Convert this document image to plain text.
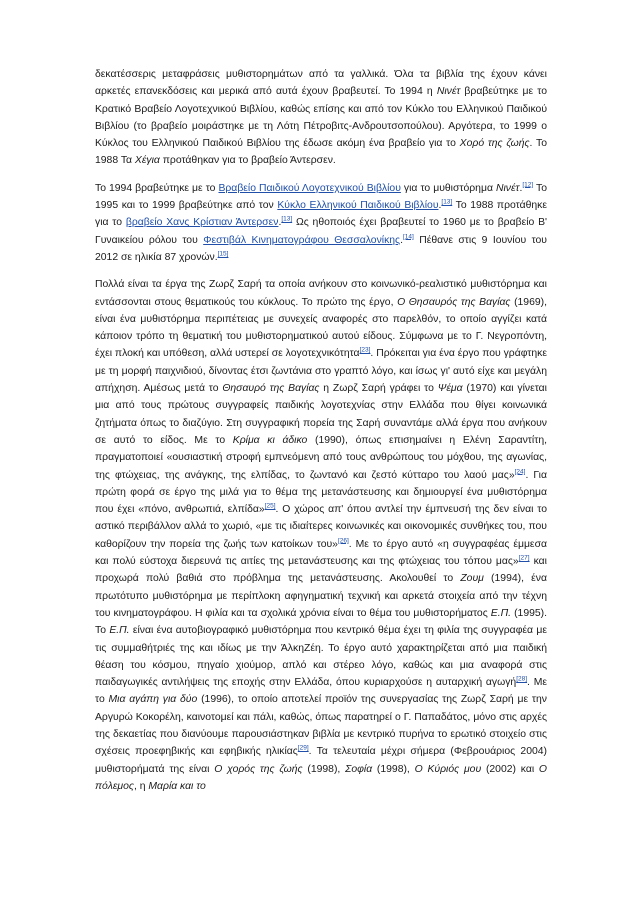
δεκατέσσερις μεταφράσεις μυθιστορημάτων από τα γαλλικά. Όλα τα βιβλία της έχουν κάνει αρκετές επανεκδόσεις και μερικά από αυτά έχουν βραβευτεί. Το 1994 η Νινέτ βραβεύτηκε με το Κρατικό Βραβείο Λογοτεχνικού Βιβλίου, καθώς επίσης και από τον Κύκλο του Ελληνικού Παιδικού Βιβλίου (το βραβείο μοιράστηκε με τη Λότη Πέτροβιτς-Ανδρουτσοπούλου). Αργότερα, το 1999 ο Κύκλος του Ελληνικού Παιδικού Βιβλίου της έδωσε ακόμη ένα βραβείο για το Χορό της ζωής. Το 1988 Τα Χέγια προτάθηκαν για το βραβείο Άντερσεν.

Το 1994 βραβεύτηκε με το Βραβείο Παιδικού Λογοτεχνικού Βιβλίου για το μυθιστόρημα Νινέτ.[12] Το 1995 και το 1999 βραβεύτηκε από τον Κύκλο Ελληνικού Παιδικού Βιβλίου.[13] Το 1988 προτάθηκε για το βραβείο Χανς Κρίστιαν Άντερσεν.[13] Ως ηθοποιός έχει βραβευτεί το 1960 με το βραβείο Β' Γυναικείου ρόλου του Φεστιβάλ Κινηματογράφου Θεσσαλονίκης.[14] Πέθανε στις 9 Ιουνίου του 2012 σε ηλικία 87 χρονών.[15]

Πολλά είναι τα έργα της Ζωρζ Σαρή τα οποία ανήκουν στο κοινωνικό-ρεαλιστικό μυθιστόρημα και εντάσσονται στους θεματικούς του κύκλους. Το πρώτο της έργο, Ο Θησαυρός της Βαγίας (1969), είναι ένα μυθιστόρημα περιπέτειας με συνεχείς αναφορές στο παρελθόν, το οποίο αγγίζει κατά κάποιον τρόπο τη θεματική του μυθιστορηματικού αυτού είδους. Σύμφωνα με το Γ. Νεγροπόντη, έχει πλοκή και υπόθεση, αλλά υστερεί σε λογοτεχνικότητα[23]. Πρόκειται για ένα έργο που γράφτηκε με τη μορφή παιχνιδιού, δίνοντας έτσι ζωντάνια στο γραπτό λόγο, και ίσως γι' αυτό είχε και μεγάλη απήχηση. Αμέσως μετά το Θησαυρό της Βαγίας η Ζωρζ Σαρή γράφει το Ψέμα (1970) και γίνεται μια από τους πρώτους συγγραφείς παιδικής λογοτεχνίας στην Ελλάδα που θίγει κοινωνικά ζητήματα όπως το διαζύγιο. Στη συγγραφική πορεία της Σαρή συναντάμε αλλά έργα που ανήκουν σε αυτό το είδος. Με το Κρίμα κι άδικο (1990), όπως επισημαίνει η Ελένη Σαραντίτη, πραγματοποιεί «ουσιαστική στροφή εμπνεόμενη από τους ανθρώπους του μόχθου, της αγωνίας, της φτώχειας, της ανάγκης, της ελπίδας, το ζωντανό και ζεστό κύτταρο του λαού μας»[24]. Για πρώτη φορά σε έργο της μιλά για το θέμα της μετανάστευσης και δημιουργεί ένα μυθιστόρημα που έχει «πόνο, ανθρωπιά, ελπίδα»[25]. Ο χώρος απ' όπου αντλεί την έμπνευσή της δεν είναι το αστικό περιβάλλον αλλά το χωριό, «με τις ιδιαίτερες κοινωνικές και οικονομικές συνθήκες του, που καθορίζουν την πορεία της ζωής των κατοίκων του»[26]. Με το έργο αυτό «η συγγραφέας έμμεσα και πολύ εύστοχα διερευνά τις αιτίες της μετανάστευσης και της φτώχειας του τόπου μας»[27] και προχωρά πολύ βαθιά στο πρόβλημα της μετανάστευσης. Ακολουθεί το Ζουμ (1994), ένα πρωτότυπο μυθιστόρημα με περίπλοκη αφηγηματική τεχνική και αρκετά στοιχεία από την τέχνη του κινηματογράφου. Η φιλία και τα σχολικά χρόνια είναι το θέμα του μυθιστορήματος Ε.Π. (1995). Το Ε.Π. είναι ένα αυτοβιογραφικό μυθιστόρημα που κεντρικό θέμα έχει τη φιλία της συγγραφέα με τις συμμαθήτριές της και ιδίως με την ΆλκηΖέη. Το έργο αυτό χαρακτηρίζεται από μια παιδική θέαση του κόσμου, πηγαίο χιούμορ, απλό και στέρεο λόγο, καθώς και μια αναφορά στις παιδαγωγικές αντιλήψεις της εποχής στην Ελλάδα, όπου κυριαρχούσε η αυταρχική αγωγή[28]. Με το Μια αγάπη για δύο (1996), το οποίο αποτελεί προϊόν της συνεργασίας της Ζωρζ Σαρή με την Αργυρώ Κοκορέλη, καινοτομεί και πάλι, καθώς, όπως παρατηρεί ο Γ. Παπαδάτος, μόνο στις αρχές της δεκαετίας που διανύουμε παρουσιάστηκαν βιβλία με κεντρικό πυρήνα το ερωτικό στοιχείο στις σχέσεις προεφηβικής και εφηβικής ηλικίας[29]. Τα τελευταία μέχρι σήμερα (Φεβρουάριος 2004) μυθιστορήματά της είναι Ο χορός της ζωής (1998), Σοφία (1998), Ο Κύριός μου (2002) και Ο πόλεμος, η Μαρία και το
